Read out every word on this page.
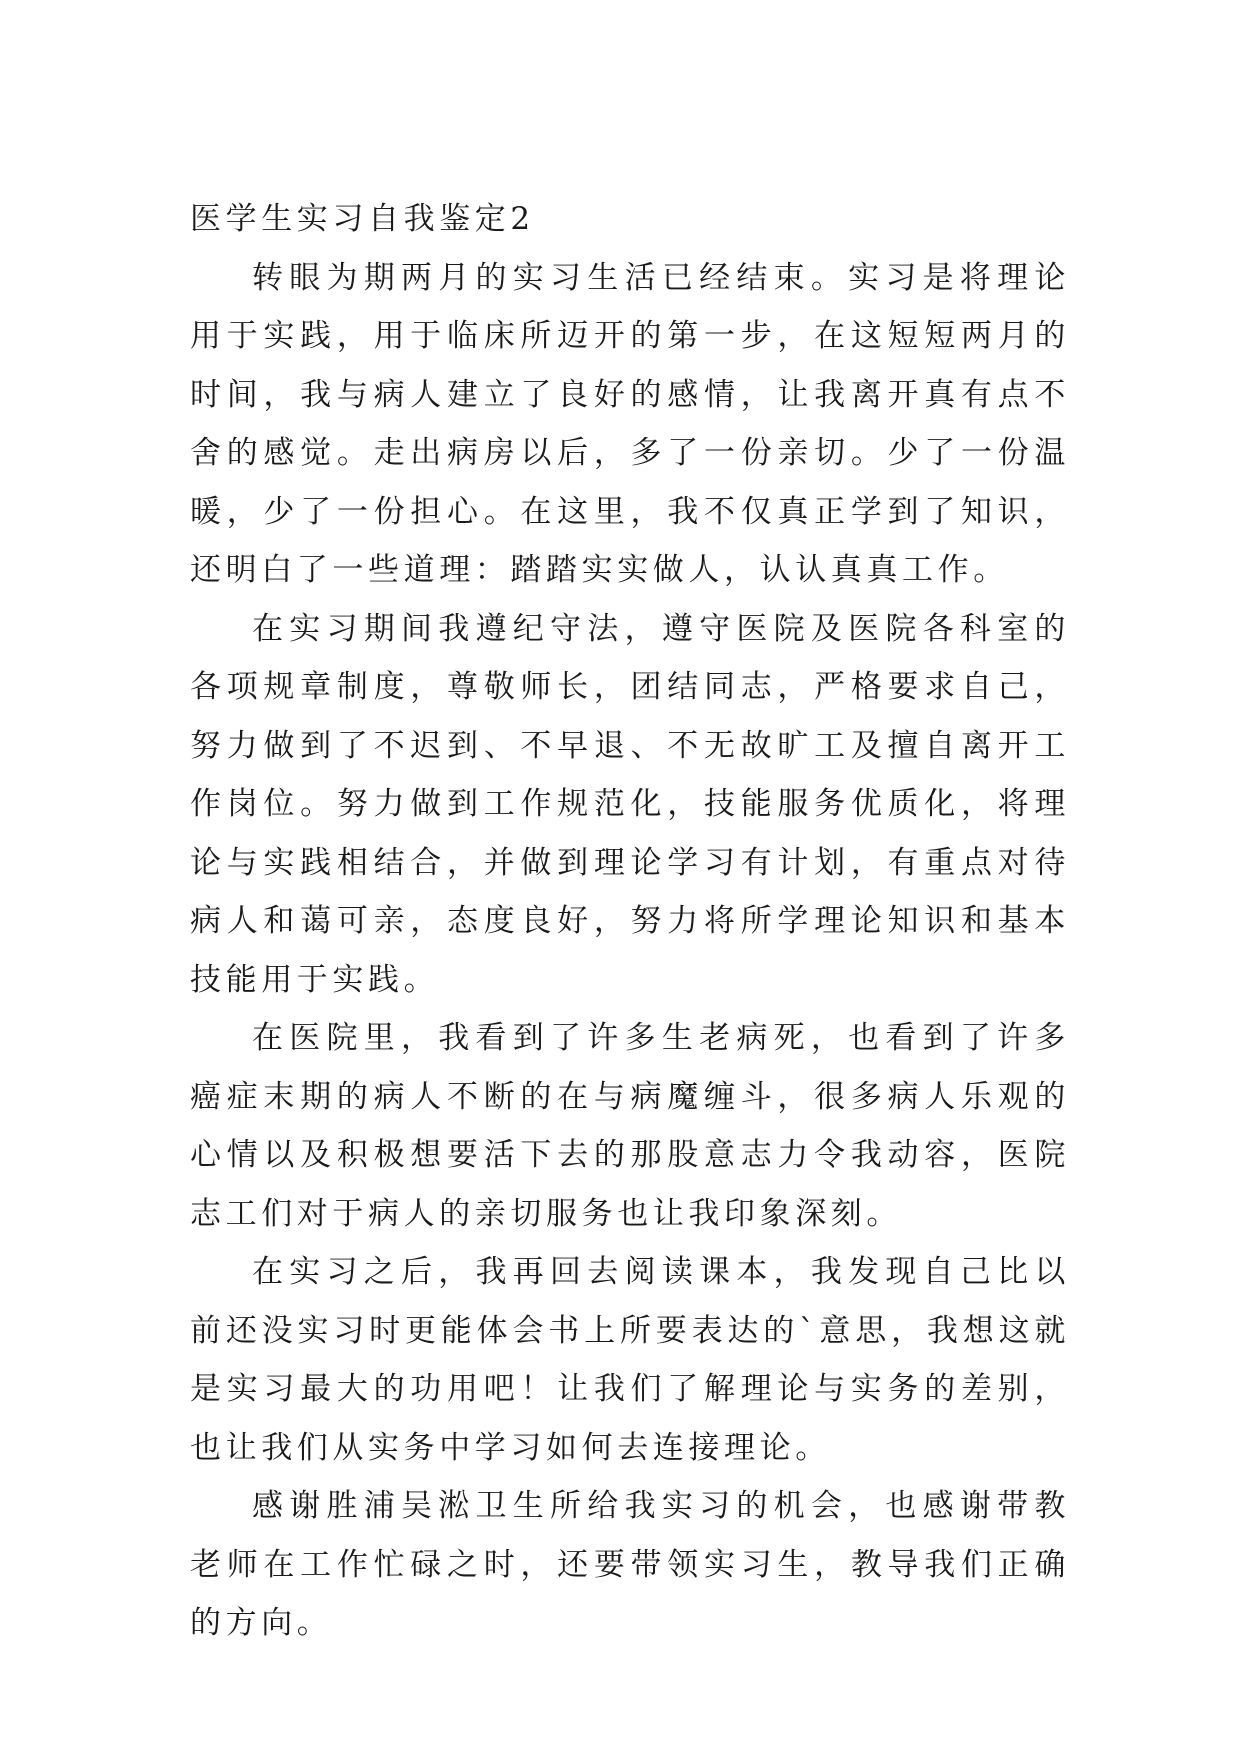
医学生实习自我鉴定2

转眼为期两月的实习生活已经结束。实习是将理论用于实践，用于临床所迈开的第一步，在这短短两月的时间，我与病人建立了良好的感情，让我离开真有点不舍的感觉。走出病房以后，多了一份亲切。少了一份温暖，少了一份担心。在这里，我不仅真正学到了知识，还明白了一些道理：踏踏实实做人，认认真真工作。

在实习期间我遵纪守法，遵守医院及医院各科室的各项规章制度，尊敬师长，团结同志，严格要求自己，努力做到了不迟到、不早退、不无故旷工及擅自离开工作岗位。努力做到工作规范化，技能服务优质化，将理论与实践相结合，并做到理论学习有计划，有重点对待病人和蔼可亲，态度良好，努力将所学理论知识和基本技能用于实践。

在医院里，我看到了许多生老病死，也看到了许多癌症末期的病人不断的在与病魔缠斗，很多病人乐观的心情以及积极想要活下去的那股意志力令我动容，医院志工们对于病人的亲切服务也让我印象深刻。

在实习之后，我再回去阅读课本，我发现自己比以前还没实习时更能体会书上所要表达的`意思，我想这就是实习最大的功用吧！让我们了解理论与实务的差别，也让我们从实务中学习如何去连接理论。

感谢胜浦吴淞卫生所给我实习的机会，也感谢带教老师在工作忙碌之时，还要带领实习生，教导我们正确的方向。
